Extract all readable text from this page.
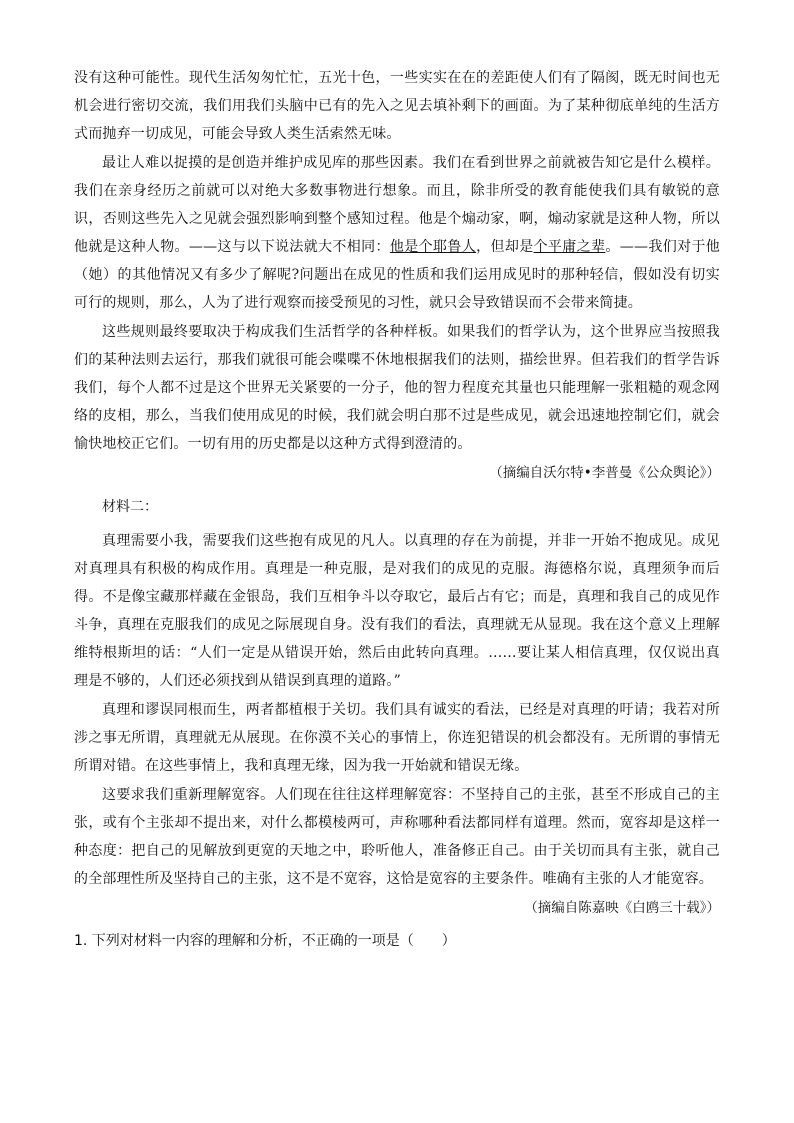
没有这种可能性。现代生活匆匆忙忙，五光十色，一些实实在在的差距使人们有了隔阂，既无时间也无机会进行密切交流，我们用我们头脑中已有的先入之见去填补剩下的画面。为了某种彻底单纯的生活方式而抛弃一切成见，可能会导致人类生活索然无味。

最让人难以捉摸的是创造并维护成见库的那些因素。我们在看到世界之前就被告知它是什么模样。我们在亲身经历之前就可以对绝大多数事物进行想象。而且，除非所受的教育能使我们具有敏锐的意识，否则这些先入之见就会强烈影响到整个感知过程。他是个煽动家，啊，煽动家就是这种人物，所以他就是这种人物。——这与以下说法就大不相同：他是个耶鲁人，但却是个平庸之辈。——我们对于他（她）的其他情况又有多少了解呢?问题出在成见的性质和我们运用成见时的那种轻信，假如没有切实可行的规则，那么，人为了进行观察而接受预见的习性，就只会导致错误而不会带来简捷。

这些规则最终要取决于构成我们生活哲学的各种样板。如果我们的哲学认为，这个世界应当按照我们的某种法则去运行，那我们就很可能会喋喋不休地根据我们的法则，描绘世界。但若我们的哲学告诉我们，每个人都不过是这个世界无关紧要的一分子，他的智力程度充其量也只能理解一张粗糙的观念网络的皮相，那么，当我们使用成见的时候，我们就会明白那不过是些成见，就会迅速地控制它们，就会愉快地校正它们。一切有用的历史都是以这种方式得到澄清的。

（摘编自沃尔特•李普曼《公众舆论》）

材料二：

真理需要小我，需要我们这些抱有成见的凡人。以真理的存在为前提，并非一开始不抱成见。成见对真理具有积极的构成作用。真理是一种克服，是对我们的成见的克服。海德格尔说，真理须争而后得。不是像宝藏那样藏在金银岛，我们互相争斗以夺取它，最后占有它；而是，真理和我自己的成见作斗争，真理在克服我们的成见之际展现自身。没有我们的看法，真理就无从显现。我在这个意义上理解维特根斯坦的话：“人们一定是从错误开始，然后由此转向真理。……要让某人相信真理，仅仅说出真理是不够的，人们还必须找到从错误到真理的道路。”

真理和谬误同根而生，两者都植根于关切。我们具有诚实的看法，已经是对真理的吁请；我若对所涉之事无所谓，真理就无从展现。在你漠不关心的事情上，你连犯错误的机会都没有。无所谓的事情无所谓对错。在这些事情上，我和真理无缘，因为我一开始就和错误无缘。

这要求我们重新理解宽容。人们现在往往这样理解宽容：不坚持自己的主张，甚至不形成自己的主张，或有个主张却不提出来，对什么都模棱两可，声称哪种看法都同样有道理。然而，宽容却是这样一种态度：把自己的见解放到更宽的天地之中，聆听他人，准备修正自己。由于关切而具有主张，就自己的全部理性所及坚持自己的主张，这不是不宽容，这恰是宽容的主要条件。唯确有主张的人才能宽容。

（摘编自陈嘉映《白鸥三十载》）

1. 下列对材料一内容的理解和分析，不正确的一项是（　　）
